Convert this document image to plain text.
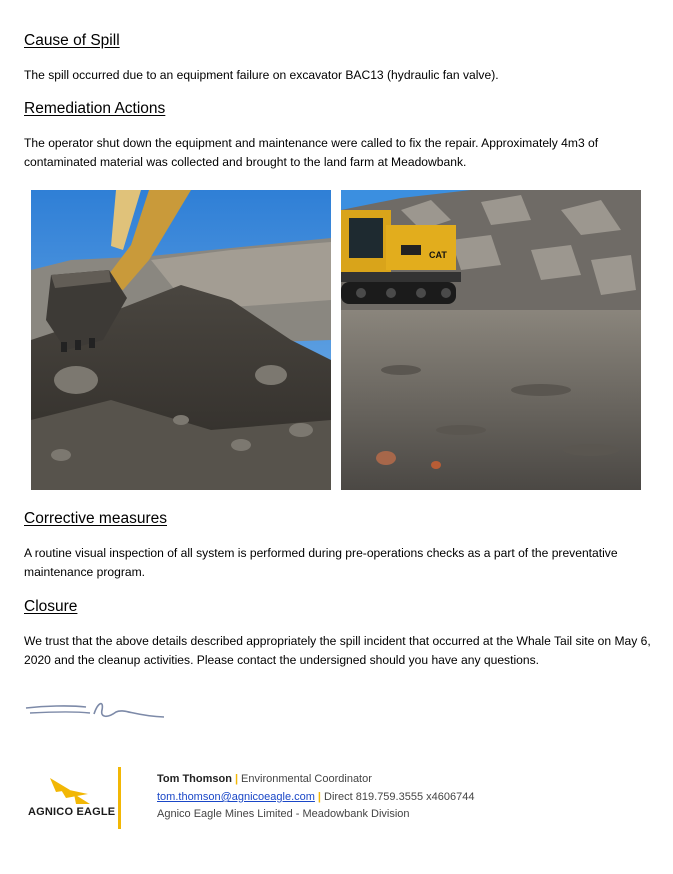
Cause of Spill

The spill occurred due to an equipment failure on excavator BAC13 (hydraulic fan valve).

Remediation Actions

The operator shut down the equipment and maintenance were called to fix the repair. Approximately 4m3 of contaminated material was collected and brought to the land farm at Meadowbank.

CAT
Corrective measures

A routine visual inspection of all system is performed during pre-operations checks as a part of the preventative maintenance program.

Closure

We trust that the above details described appropriately the spill incident that occurred at the Whale Tail site on May 6, 2020 and the cleanup activities. Please contact the undersigned should you have any questions.

AGNICO EAGLE
Tom Thomson | Environmental Coordinator
tom.thomson@agnicoeagle.com | Direct 819.759.3555 x4606744
Agnico Eagle Mines Limited - Meadowbank Division
